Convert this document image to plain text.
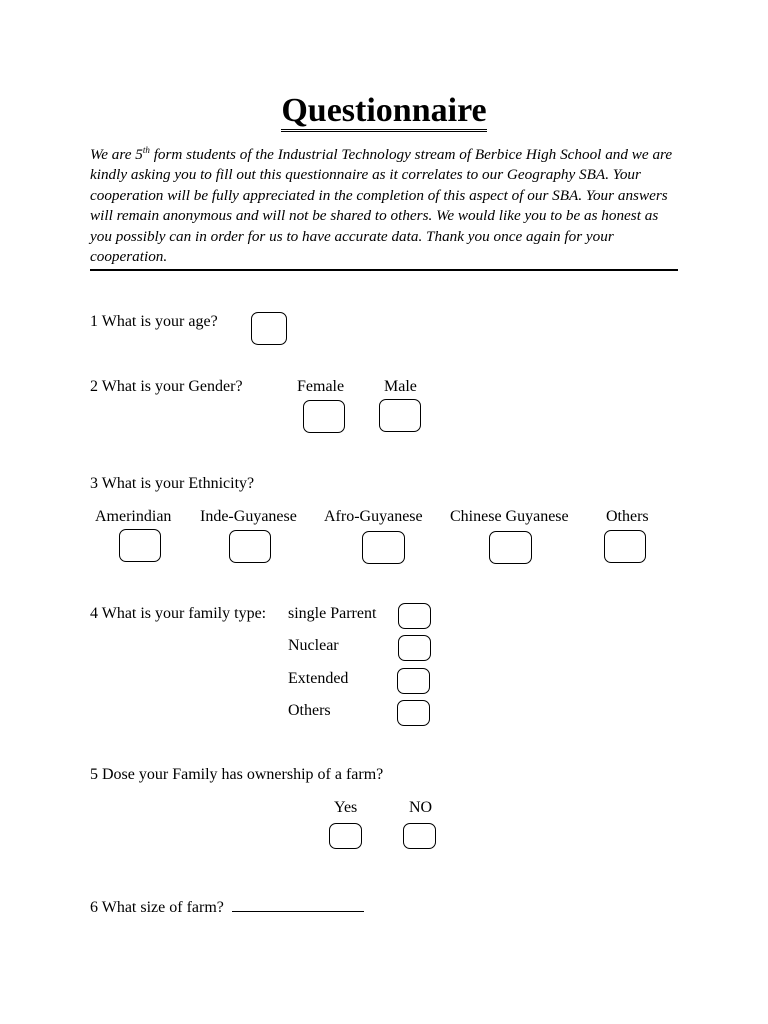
Questionnaire
We are 5th form students of the Industrial Technology stream of Berbice High School and we are kindly asking you to fill out this questionnaire as it correlates to our Geography SBA. Your cooperation will be fully appreciated in the completion of this aspect of our SBA. Your answers will remain anonymous and will not be shared to others. We would like you to be as honest as you possibly can in order for us to have accurate data. Thank you once again for your cooperation.
1 What is your age?
2 What is your Gender?	Female Male
3 What is your Ethnicity?
Amerindian Inde-Guyanese Afro-Guyanese Chinese Guyanese Others
4 What is your family type: single Parrent
Nuclear
Extended
Others
5 Dose your Family has ownership of a farm?
Yes	NO
6 What size of farm?
